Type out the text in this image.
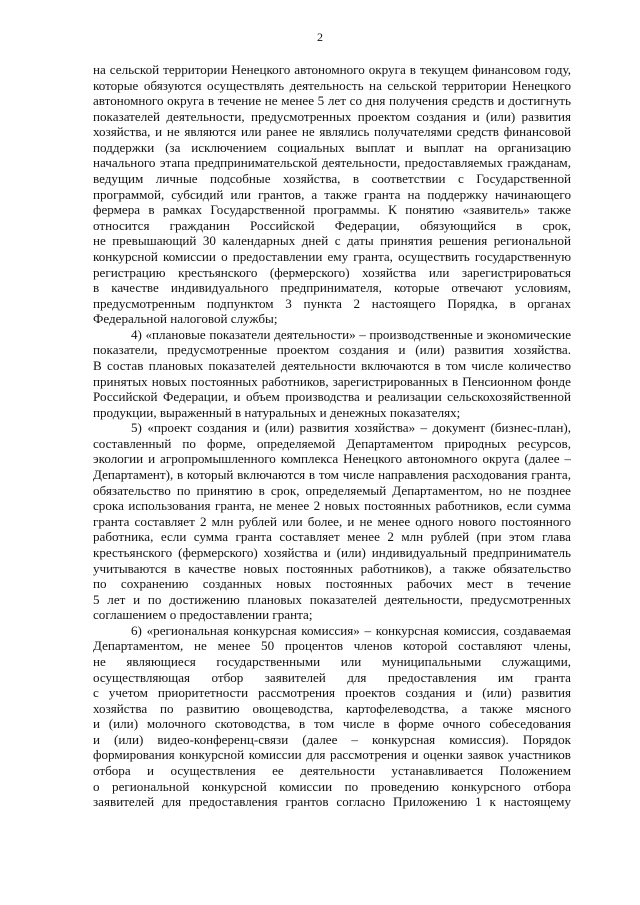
2
на сельской территории Ненецкого автономного округа в текущем финансовом году,
которые обязуются осуществлять деятельность на сельской территории Ненецкого
автономного округа в течение не менее 5 лет со дня получения средств и достигнуть
показателей деятельности, предусмотренных проектом создания и (или) развития
хозяйства, и не являются или ранее не являлись получателями средств финансовой
поддержки (за исключением социальных выплат и выплат на организацию
начального этапа предпринимательской деятельности, предоставляемых гражданам,
ведущим личные подсобные хозяйства, в соответствии с Государственной
программой, субсидий или грантов, а также гранта на поддержку начинающего
фермера в рамках Государственной программы. К понятию «заявитель» также
относится гражданин Российской Федерации, обязующийся в срок,
не превышающий 30 календарных дней с даты принятия решения региональной
конкурсной комиссии о предоставлении ему гранта, осуществить государственную
регистрацию крестьянского (фермерского) хозяйства или зарегистрироваться
в качестве индивидуального предпринимателя, которые отвечают условиям,
предусмотренным подпунктом 3 пункта 2 настоящего Порядка, в органах
Федеральной налоговой службы;
4) «плановые показатели деятельности» – производственные и экономические
показатели, предусмотренные проектом создания и (или) развития хозяйства.
В состав плановых показателей деятельности включаются в том числе количество
принятых новых постоянных работников, зарегистрированных в Пенсионном фонде
Российской Федерации, и объем производства и реализации сельскохозяйственной
продукции, выраженный в натуральных и денежных показателях;
5) «проект создания и (или) развития хозяйства» – документ (бизнес-план),
составленный по форме, определяемой Департаментом природных ресурсов,
экологии и агропромышленного комплекса Ненецкого автономного округа (далее –
Департамент), в который включаются в том числе направления расходования гранта,
обязательство по принятию в срок, определяемый Департаментом, но не позднее
срока использования гранта, не менее 2 новых постоянных работников, если сумма
гранта составляет 2 млн рублей или более, и не менее одного нового постоянного
работника, если сумма гранта составляет менее 2 млн рублей (при этом глава
крестьянского (фермерского) хозяйства и (или) индивидуальный предприниматель
учитываются в качестве новых постоянных работников), а также обязательство
по сохранению созданных новых постоянных рабочих мест в течение
5 лет и по достижению плановых показателей деятельности, предусмотренных
соглашением о предоставлении гранта;
6) «региональная конкурсная комиссия» – конкурсная комиссия, создаваемая
Департаментом, не менее 50 процентов членов которой составляют члены,
не являющиеся государственными или муниципальными служащими,
осуществляющая отбор заявителей для предоставления им гранта
с учетом приоритетности рассмотрения проектов создания и (или) развития
хозяйства по развитию овощеводства, картофелеводства, а также мясного
и (или) молочного скотоводства, в том числе в форме очного собеседования
и (или) видео-конференц-связи (далее – конкурсная комиссия). Порядок
формирования конкурсной комиссии для рассмотрения и оценки заявок участников
отбора и осуществления ее деятельности устанавливается Положением
о региональной конкурсной комиссии по проведению конкурсного отбора
заявителей для предоставления грантов согласно Приложению 1 к настоящему
